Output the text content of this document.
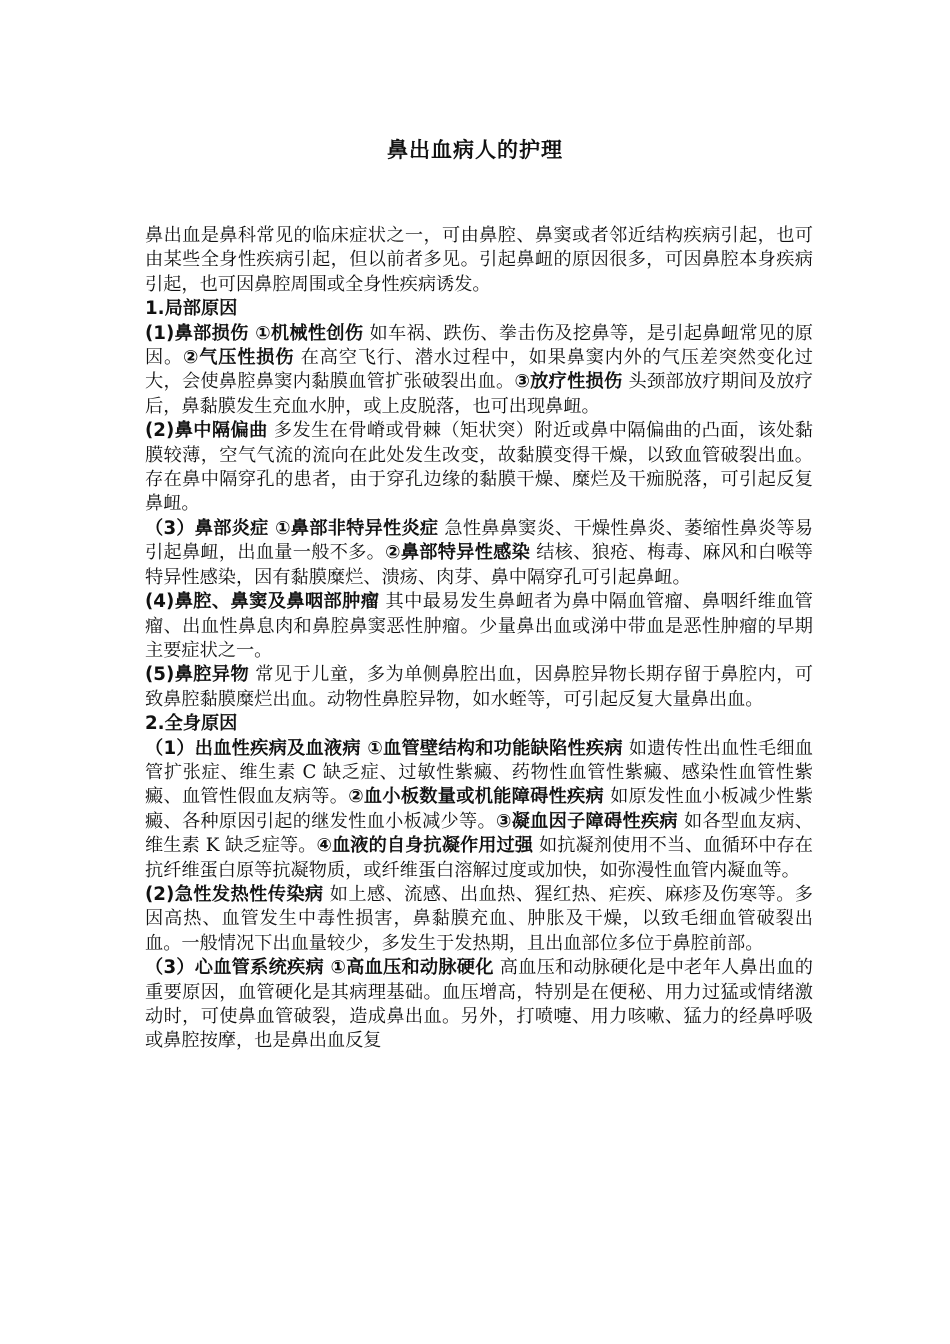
鼻出血病人的护理

鼻出血是鼻科常见的临床症状之一，可由鼻腔、鼻窦或者邻近结构疾病引起，也可由某些全身性疾病引起，但以前者多见。引起鼻衄的原因很多，可因鼻腔本身疾病引起，也可因鼻腔周围或全身性疾病诱发。

1.局部原因

(1)鼻部损伤 ①机械性创伤 如车祸、跌伤、拳击伤及挖鼻等，是引起鼻衄常见的原因。②气压性损伤 在高空飞行、潜水过程中，如果鼻窦内外的气压差突然变化过大，会使鼻腔鼻窦内黏膜血管扩张破裂出血。③放疗性损伤 头颈部放疗期间及放疗后，鼻黏膜发生充血水肿，或上皮脱落，也可出现鼻衄。

(2)鼻中隔偏曲 多发生在骨嵴或骨棘（矩状突）附近或鼻中隔偏曲的凸面，该处黏膜较薄，空气气流的流向在此处发生改变，故黏膜变得干燥，以致血管破裂出血。存在鼻中隔穿孔的患者，由于穿孔边缘的黏膜干燥、糜烂及干痂脱落，可引起反复鼻衄。

（3）鼻部炎症 ①鼻部非特异性炎症 急性鼻鼻窦炎、干燥性鼻炎、萎缩性鼻炎等易引起鼻衄，出血量一般不多。②鼻部特异性感染 结核、狼疮、梅毒、麻风和白喉等特异性感染，因有黏膜糜烂、溃疡、肉芽、鼻中隔穿孔可引起鼻衄。

(4)鼻腔、鼻窦及鼻咽部肿瘤 其中最易发生鼻衄者为鼻中隔血管瘤、鼻咽纤维血管瘤、出血性鼻息肉和鼻腔鼻窦恶性肿瘤。少量鼻出血或涕中带血是恶性肿瘤的早期主要症状之一。

(5)鼻腔异物 常见于儿童，多为单侧鼻腔出血，因鼻腔异物长期存留于鼻腔内，可致鼻腔黏膜糜烂出血。动物性鼻腔异物，如水蛭等，可引起反复大量鼻出血。

2.全身原因

（1）出血性疾病及血液病 ①血管壁结构和功能缺陷性疾病 如遗传性出血性毛细血管扩张症、维生素 C 缺乏症、过敏性紫癜、药物性血管性紫癜、感染性血管性紫癜、血管性假血友病等。②血小板数量或机能障碍性疾病 如原发性血小板减少性紫癜、各种原因引起的继发性血小板减少等。③凝血因子障碍性疾病 如各型血友病、维生素 K 缺乏症等。④血液的自身抗凝作用过强 如抗凝剂使用不当、血循环中存在抗纤维蛋白原等抗凝物质，或纤维蛋白溶解过度或加快，如弥漫性血管内凝血等。

(2)急性发热性传染病 如上感、流感、出血热、猩红热、疟疾、麻疹及伤寒等。多因高热、血管发生中毒性损害，鼻黏膜充血、肿胀及干燥，以致毛细血管破裂出血。一般情况下出血量较少，多发生于发热期，且出血部位多位于鼻腔前部。

（3）心血管系统疾病 ①高血压和动脉硬化 高血压和动脉硬化是中老年人鼻出血的重要原因，血管硬化是其病理基础。血压增高，特别是在便秘、用力过猛或情绪激动时，可使鼻血管破裂，造成鼻出血。另外，打喷嚏、用力咳嗽、猛力的经鼻呼吸或鼻腔按摩，也是鼻出血反复
